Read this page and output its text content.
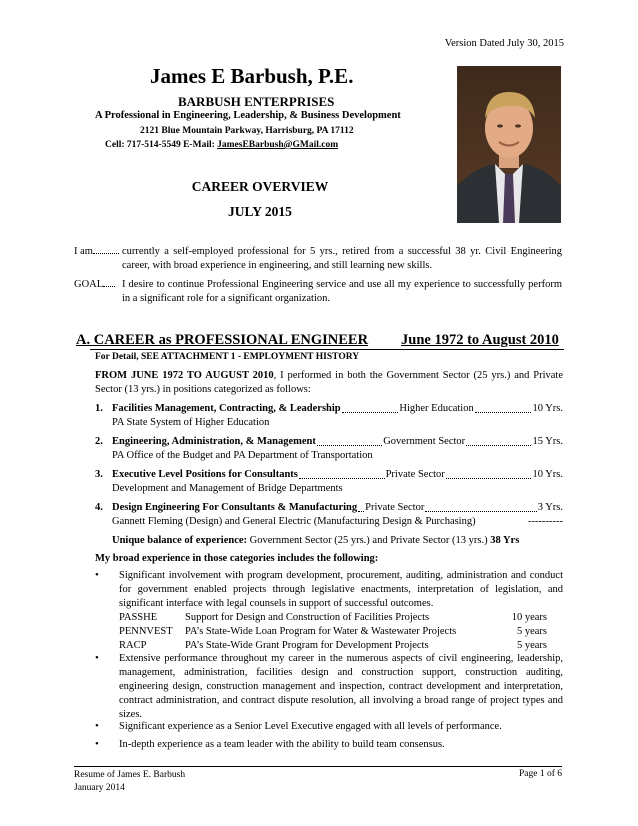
Version Dated July 30, 2015
James E Barbush, P.E.
BARBUSH ENTERPRISES
A Professional in Engineering, Leadership, & Business Development
2121 Blue Mountain Parkway, Harrisburg, PA 17112
Cell: 717-514-5549 E-Mail: JamesEBarbush@GMail.com
CAREER OVERVIEW
JULY 2015
I am	currently a self-employed professional for 5 yrs., retired from a successful 38 yr. Civil Engineering career, with broad experience in engineering, and still learning new skills.
GOAL	I desire to continue Professional Engineering service and use all my experience to successfully perform in a significant role for a significant organization.
A. CAREER as PROFESSIONAL ENGINEER June 1972 to August 2010
For Detail, SEE ATTACHMENT 1 - EMPLOYMENT HISTORY
FROM JUNE 1972 TO AUGUST 2010, I performed in both the Government Sector (25 yrs.) and Private Sector (13 yrs.) in positions categorized as follows:
1. Facilities Management, Contracting, & Leadership	Higher Education	10 Yrs.
PA State System of Higher Education
2. Engineering, Administration, & Management	Government Sector	15 Yrs.
PA Office of the Budget and PA Department of Transportation
3. Executive Level Positions for Consultants	Private Sector	10 Yrs.
Development and Management of Bridge Departments
4. Design Engineering For Consultants & Manufacturing Private Sector	3 Yrs.
Gannett Fleming (Design) and General Electric (Manufacturing Design & Purchasing)	----------
Unique balance of experience: Government Sector (25 yrs.) and Private Sector (13 yrs.) 38 Yrs
My broad experience in those categories includes the following:
• Significant involvement with program development, procurement, auditing, administration and conduct for government enabled projects through legislative enactments, interpretation of legislation, and significant interface with legal counsels in support of successful outcomes.
PASSHE	Support for Design and Construction of Facilities Projects	10 years
PENNVEST	PA’s State-Wide Loan Program for Water & Wastewater Projects	5 years
RACP	PA’s State-Wide Grant Program for Development Projects	5 years
• Extensive performance throughout my career in the numerous aspects of civil engineering, leadership, management, administration, facilities design and construction support, construction auditing, engineering design, construction management and inspection, contract development and interpretation, contract administration, and contract dispute resolution, all involving a broad range of project types and sizes.
• Significant experience as a Senior Level Executive engaged with all levels of performance.
• In-depth experience as a team leader with the ability to build team consensus.
Resume of James E. Barbush
January 2014
Page 1 of 6
